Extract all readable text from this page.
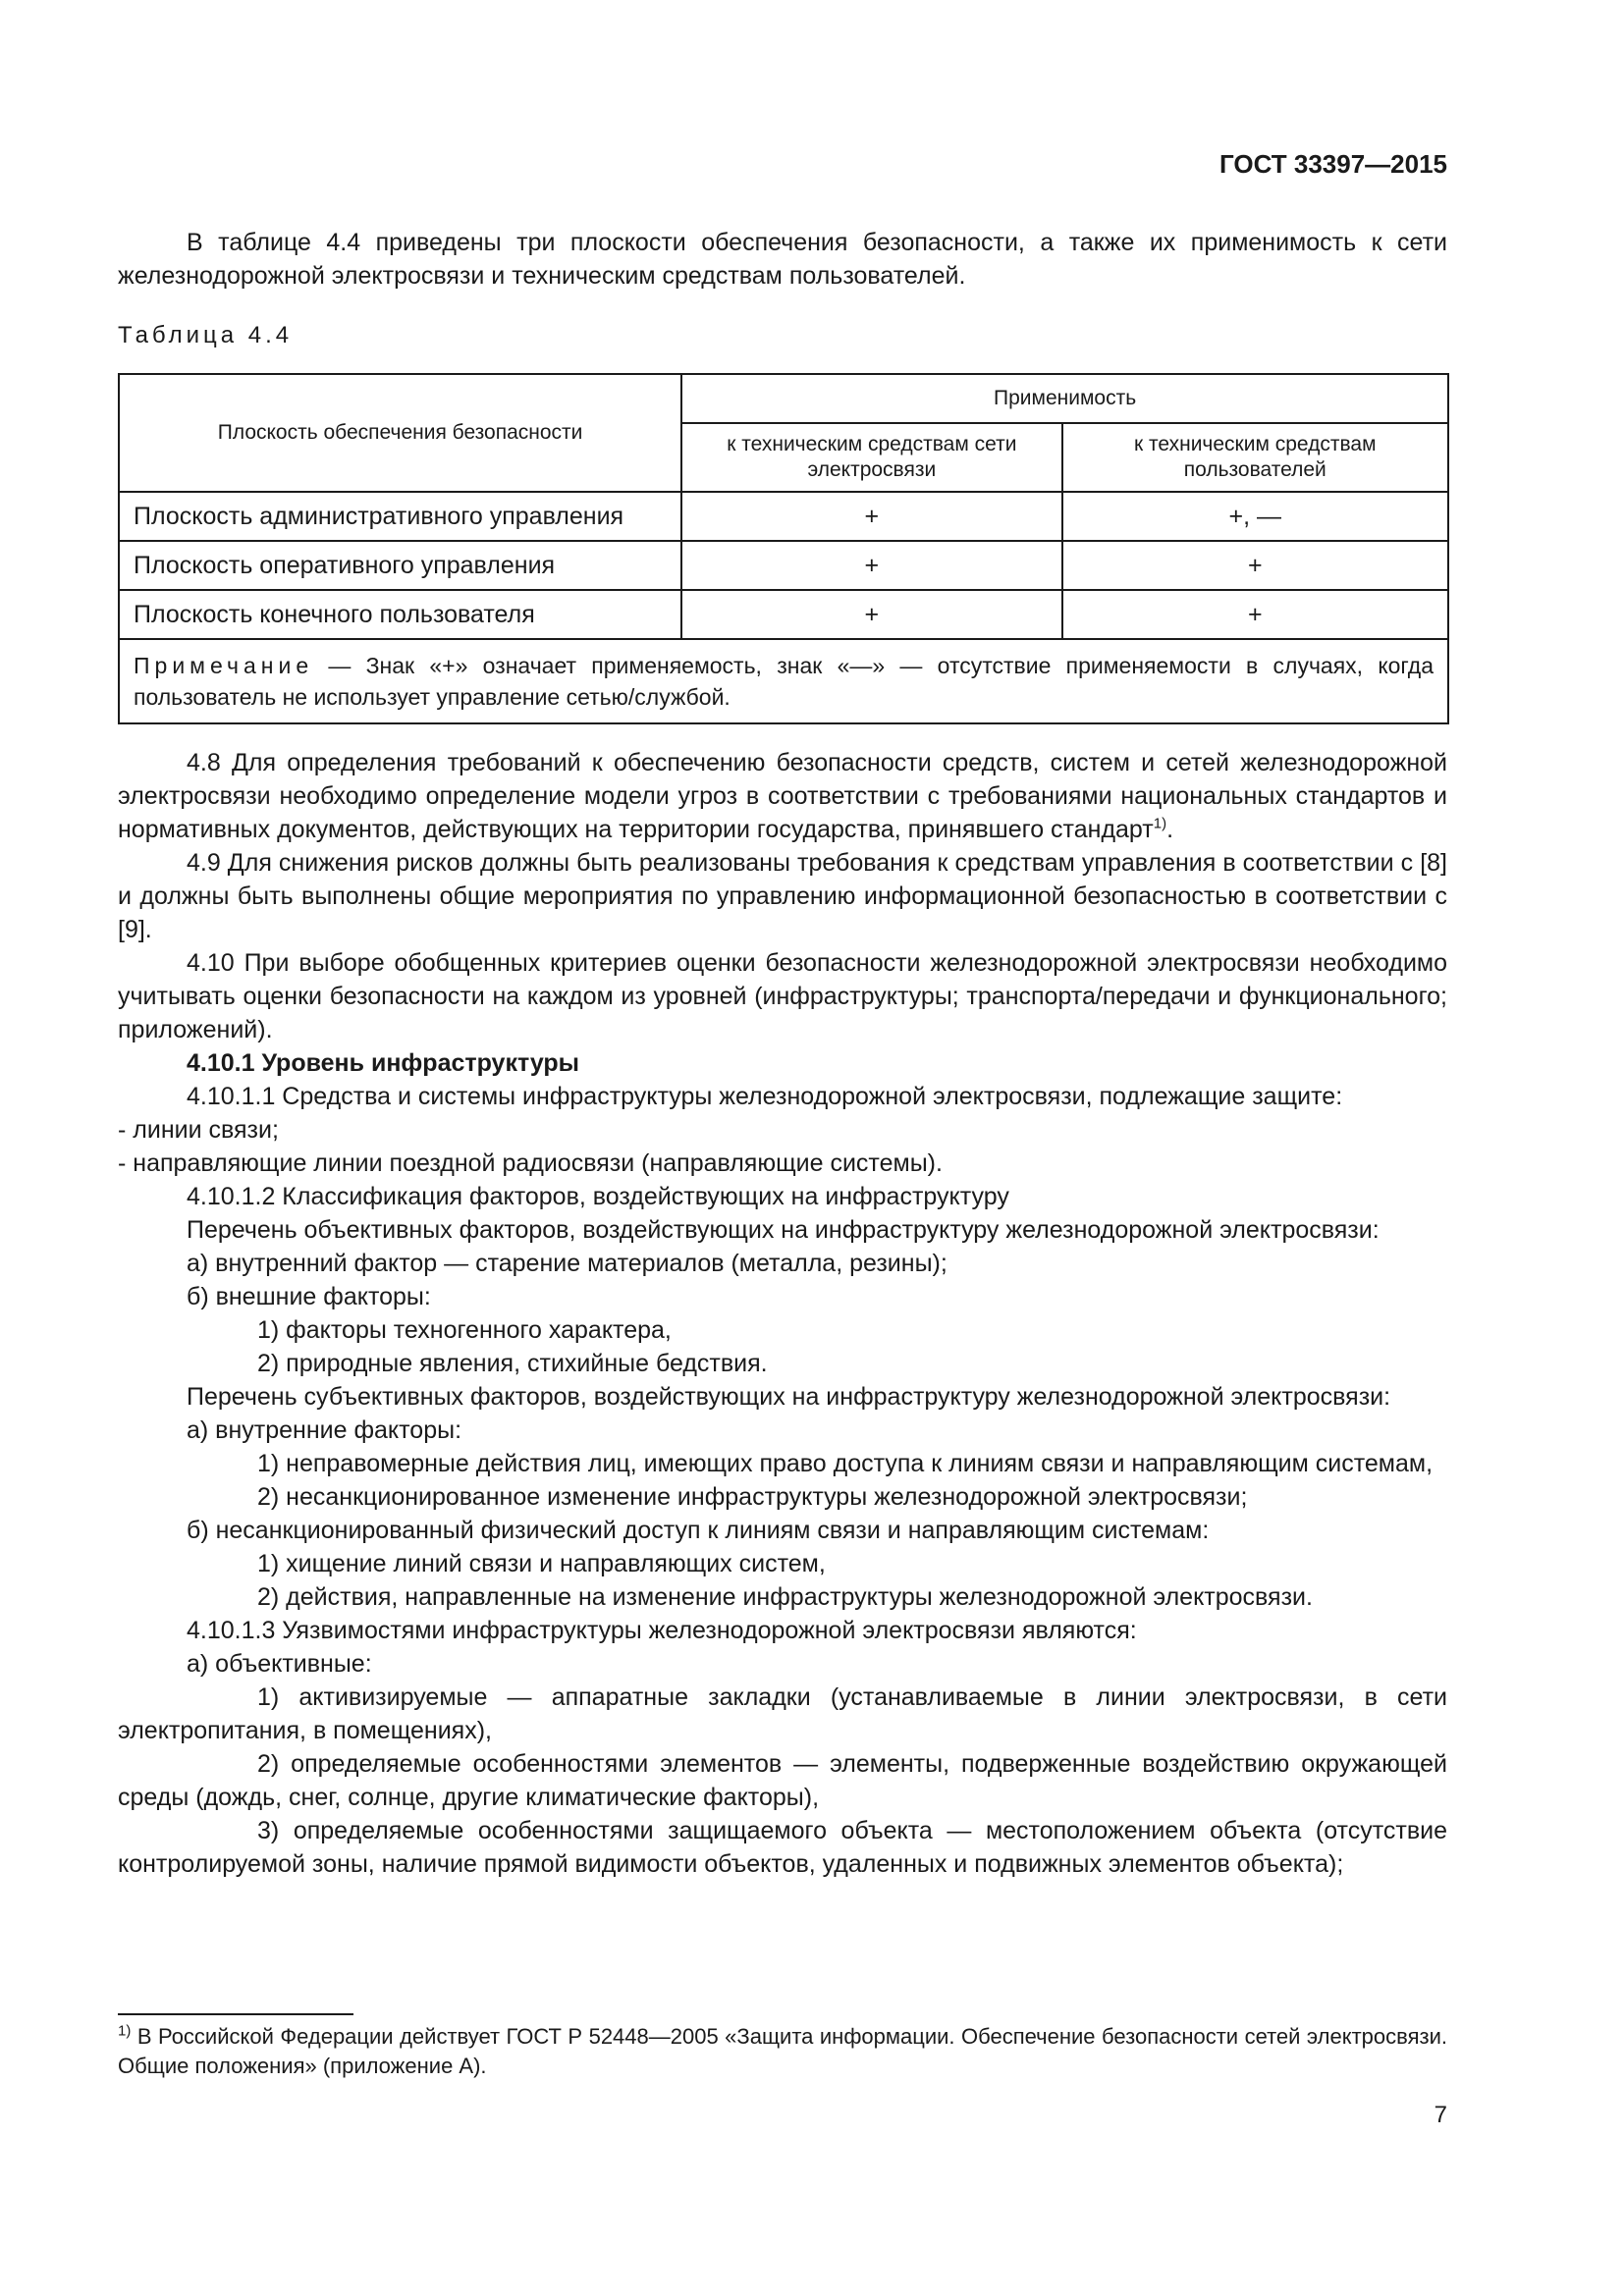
ГОСТ 33397—2015

В таблице 4.4 приведены три плоскости обеспечения безопасности, а также их применимость к сети железнодорожной электросвязи и техническим средствам пользователей.

Таблица 4.4
Плоскость обеспечения безопасности	Применимость	
	к техническим средствам сети электросвязи	к техническим средствам пользователей
Плоскость административного управления	+	+, —
Плоскость оперативного управления	+	+
Плоскость конечного пользователя	+	+
Примечание — Знак «+» означает применяемость, знак «—» — отсутствие применяемости в случаях, когда пользователь не использует управление сетью/службой.		

4.8 Для определения требований к обеспечению безопасности средств, систем и сетей железнодорожной электросвязи необходимо определение модели угроз в соответствии с требованиями национальных стандартов и нормативных документов, действующих на территории государства, принявшего стандарт$^{1)}$.

4.9 Для снижения рисков должны быть реализованы требования к средствам управления в соответствии с [8] и должны быть выполнены общие мероприятия по управлению информационной безопасностью в соответствии с [9].

4.10 При выборе обобщенных критериев оценки безопасности железнодорожной электросвязи необходимо учитывать оценки безопасности на каждом из уровней (инфраструктуры; транспорта/передачи и функционального; приложений).

4.10.1 Уровень инфраструктуры

4.10.1.1 Средства и системы инфраструктуры железнодорожной электросвязи, подлежащие защите:

- линии связи;

- направляющие линии поездной радиосвязи (направляющие системы).

4.10.1.2 Классификация факторов, воздействующих на инфраструктуру

Перечень объективных факторов, воздействующих на инфраструктуру железнодорожной электросвязи:

а) внутренний фактор — старение материалов (металла, резины);

б) внешние факторы:

1) факторы техногенного характера,

2) природные явления, стихийные бедствия.

Перечень субъективных факторов, воздействующих на инфраструктуру железнодорожной электросвязи:

а) внутренние факторы:

1) неправомерные действия лиц, имеющих право доступа к линиям связи и направляющим системам,

2) несанкционированное изменение инфраструктуры железнодорожной электросвязи;

б) несанкционированный физический доступ к линиям связи и направляющим системам:

1) хищение линий связи и направляющих систем,

2) действия, направленные на изменение инфраструктуры железнодорожной электросвязи.

4.10.1.3 Уязвимостями инфраструктуры железнодорожной электросвязи являются:

а) объективные:

1) активизируемые — аппаратные закладки (устанавливаемые в линии электросвязи, в сети электропитания, в помещениях),

2) определяемые особенностями элементов — элементы, подверженные воздействию окружающей среды (дождь, снег, солнце, другие климатические факторы),

3) определяемые особенностями защищаемого объекта — местоположением объекта (отсутствие контролируемой зоны, наличие прямой видимости объектов, удаленных и подвижных элементов объекта);

$^{1)}$ В Российской Федерации действует ГОСТ Р 52448—2005 «Защита информации. Обеспечение безопасности сетей электросвязи. Общие положения» (приложение А).
7
